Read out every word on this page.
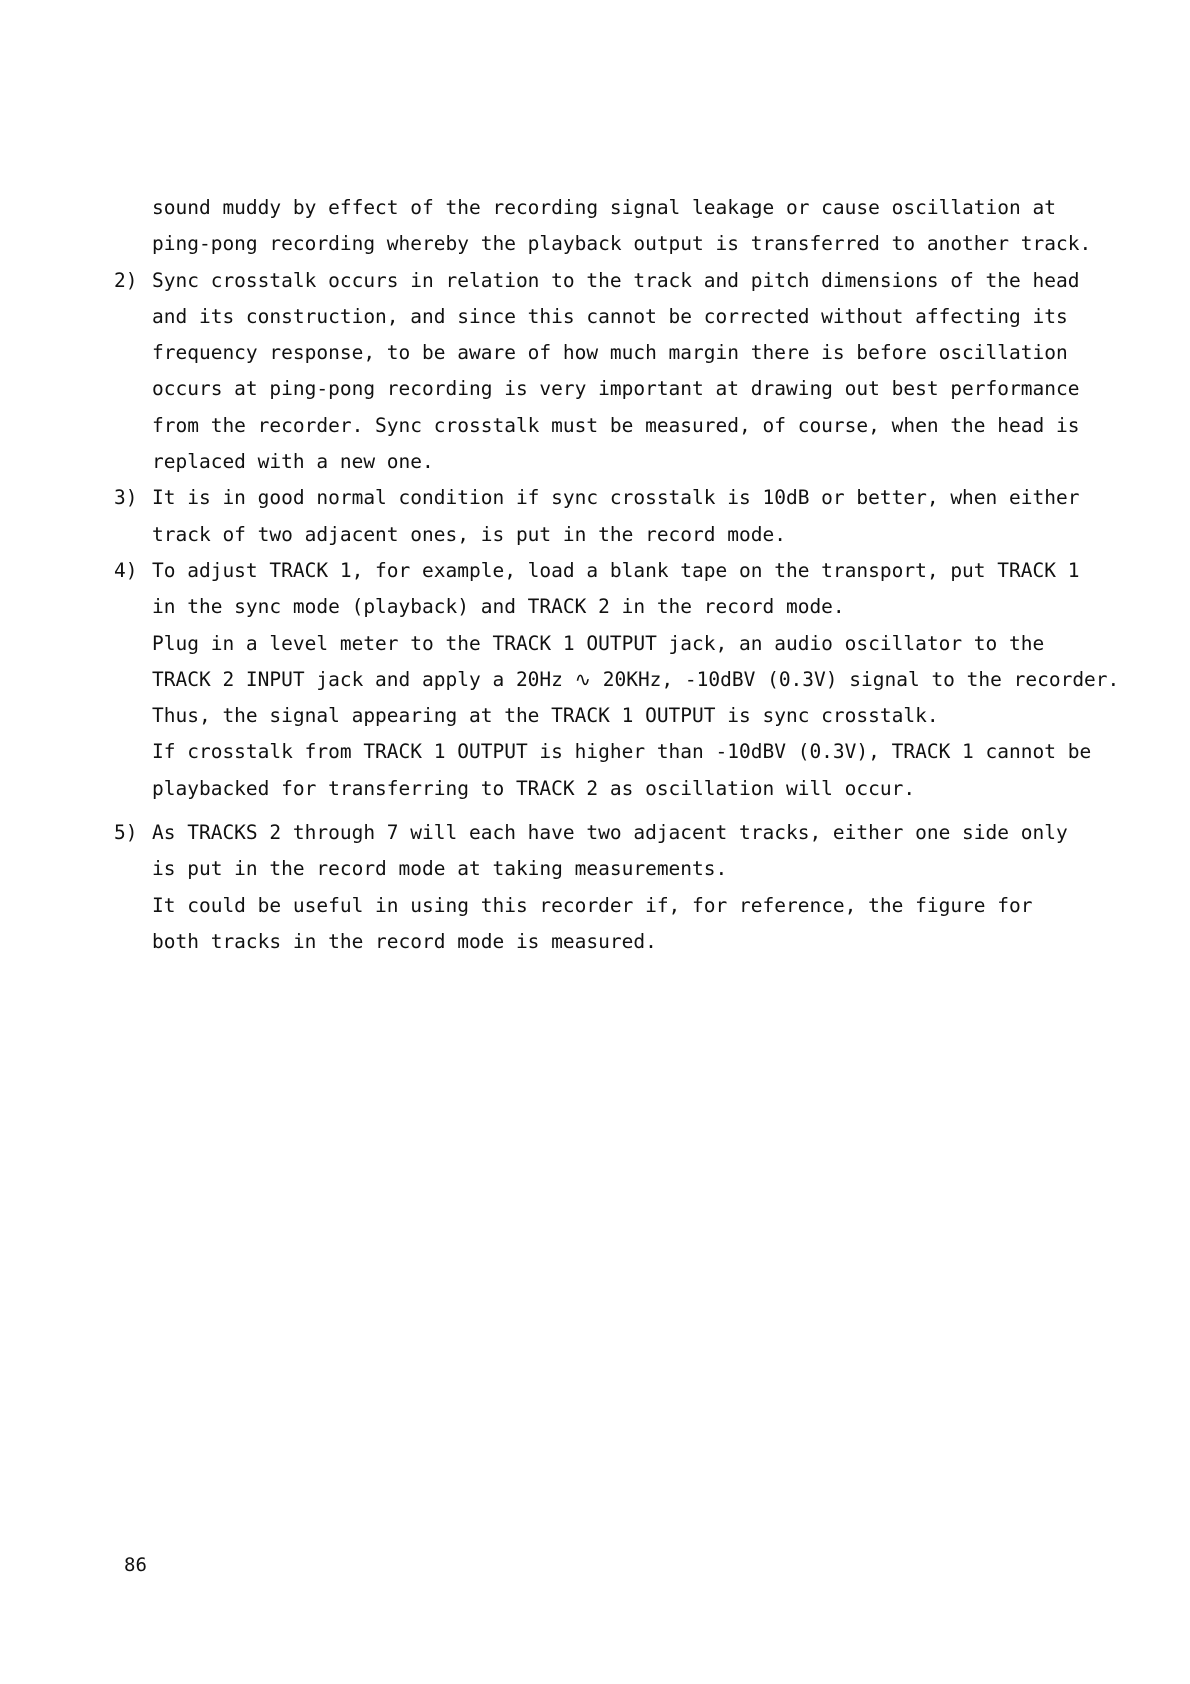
sound muddy by effect of the recording signal leakage or cause oscillation at
ping-pong recording whereby the playback output is transferred to another track.
2) Sync crosstalk occurs in relation to the track and pitch dimensions of the head
and its construction, and since this cannot be corrected without affecting its
frequency response, to be aware of how much margin there is before oscillation
occurs at ping-pong recording is very important at drawing out best performance
from the recorder. Sync crosstalk must be measured, of course, when the head is
replaced with a new one.
3) It is in good normal condition if sync crosstalk is 10dB or better, when either
track of two adjacent ones, is put in the record mode.
4) To adjust TRACK 1, for example, load a blank tape on the transport, put TRACK 1
in the sync mode (playback) and TRACK 2 in the record mode.
Plug in a level meter to the TRACK 1 OUTPUT jack, an audio oscillator to the
TRACK 2 INPUT jack and apply a 20Hz ∿ 20KHz, -10dBV (0.3V) signal to the recorder.
Thus, the signal appearing at the TRACK 1 OUTPUT is sync crosstalk.
If crosstalk from TRACK 1 OUTPUT is higher than -10dBV (0.3V), TRACK 1 cannot be
playbacked for transferring to TRACK 2 as oscillation will occur.
5) As TRACKS 2 through 7 will each have two adjacent tracks, either one side only
is put in the record mode at taking measurements.
It could be useful in using this recorder if, for reference, the figure for
both tracks in the record mode is measured.
86
